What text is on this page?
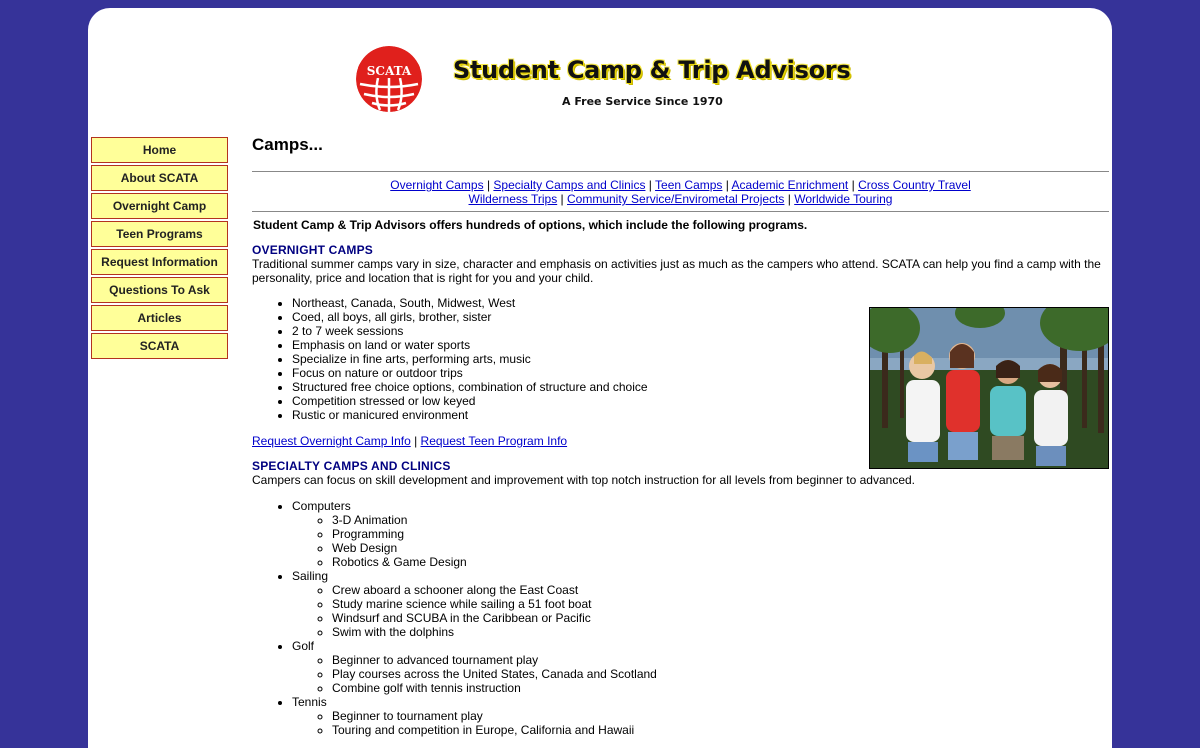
SCATA Student Camp & Trip Advisors
A Free Service Since 1970
Home
About SCATA
Overnight Camp
Teen Programs
Request Information
Questions To Ask
Articles
SCATA
Camps...
Overnight Camps | Specialty Camps and Clinics | Teen Camps | Academic Enrichment | Cross Country Travel
Wilderness Trips | Community Service/Envirometal Projects | Worldwide Touring
Student Camp & Trip Advisors offers hundreds of options, which include the following programs.
OVERNIGHT CAMPS
Traditional summer camps vary in size, character and emphasis on activities just as much as the campers who attend. SCATA can help you find a camp with the personality, price and location that is right for you and your child.
• Northeast, Canada, South, Midwest, West
• Coed, all boys, all girls, brother, sister
• 2 to 7 week sessions
• Emphasis on land or water sports
• Specialize in fine arts, performing arts, music
• Focus on nature or outdoor trips
• Structured free choice options, combination of structure and choice
• Competition stressed or low keyed
• Rustic or manicured environment
Request Overnight Camp Info | Request Teen Program Info
SPECIALTY CAMPS AND CLINICS
Campers can focus on skill development and improvement with top notch instruction for all levels from beginner to advanced.
• Computers
◦ 3-D Animation
◦ Programming
◦ Web Design
◦ Robotics & Game Design
• Sailing
◦ Crew aboard a schooner along the East Coast
◦ Study marine science while sailing a 51 foot boat
◦ Windsurf and SCUBA in the Caribbean or Pacific
◦ Swim with the dolphins
• Golf
◦ Beginner to advanced tournament play
◦ Play courses across the United States, Canada and Scotland
◦ Combine golf with tennis instruction
• Tennis
◦ Beginner to tournament play
◦ Touring and competition in Europe, California and Hawaii
